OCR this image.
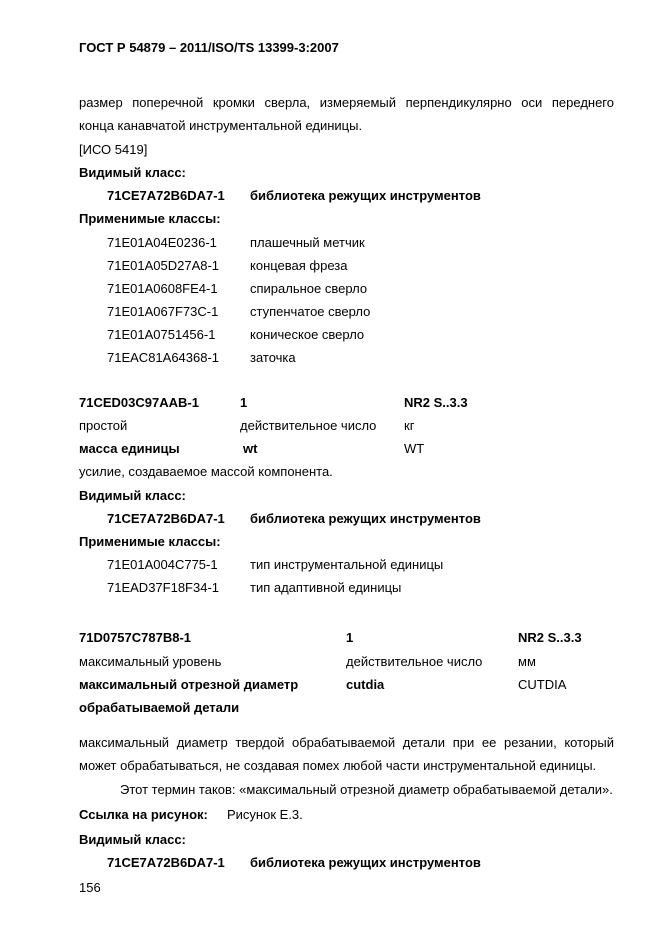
ГОСТ Р 54879 – 2011/ISO/TS 13399-3:2007
размер поперечной кромки сверла, измеряемый перпендикулярно оси переднего
конца канавчатой инструментальной единицы.
[ИСО 5419]
Видимый класс:
71CE7A72B6DA7-1 библиотека режущих инструментов
Применимые классы:
71E01A04E0236-1	плашечный метчик
71E01A05D27A8-1 концевая фреза
71E01A0608FE4-1 спиральное сверло
71E01A067F73C-1 ступенчатое сверло
71E01A0751456-1	коническое сверло
71EAC81A64368-1 заточка
71CED03C97AAB-1	1	NR2 S..3.3
простой	действительное число кг
масса единицы	wt	WT
усилие, создаваемое массой компонента.
Видимый класс:
71CE7A72B6DA7-1 библиотека режущих инструментов
Применимые классы:
71E01A004C775-1 тип инструментальной единицы
71EAD37F18F34-1 тип адаптивной единицы
71D0757C787B8-1	1	NR2 S..3.3
максимальный уровень	действительное число	мм
максимальный отрезной диаметр	cutdia	CUTDIA
обрабатываемой детали
максимальный диаметр твердой обрабатываемой детали при ее резании, который
может обрабатываться, не создавая помех любой части инструментальной единицы.
Этот термин таков: «максимальный отрезной диаметр обрабатываемой детали».
Ссылка на рисунок: Рисунок Е.3.
Видимый класс:
71CE7A72B6DA7-1 библиотека режущих инструментов
156
